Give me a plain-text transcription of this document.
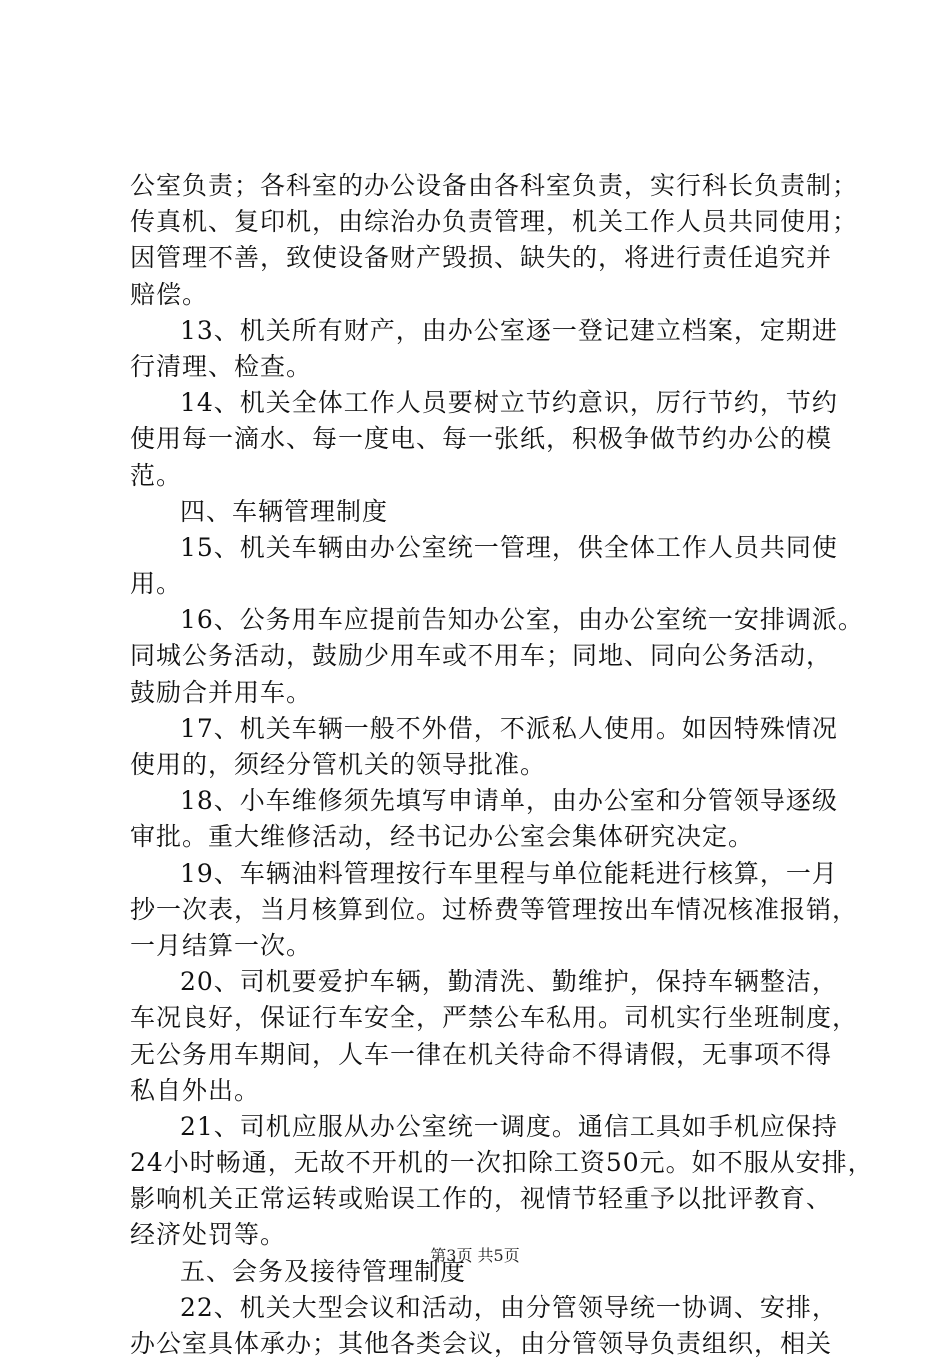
公室负责；各科室的办公设备由各科室负责，实行科长负责制；
传真机、复印机，由综治办负责管理，机关工作人员共同使用；
因管理不善，致使设备财产毁损、缺失的，将进行责任追究并
赔偿。
13、机关所有财产，由办公室逐一登记建立档案，定期进
行清理、检查。
14、机关全体工作人员要树立节约意识，厉行节约，节约
使用每一滴水、每一度电、每一张纸，积极争做节约办公的模
范。
四、车辆管理制度
15、机关车辆由办公室统一管理，供全体工作人员共同使
用。
16、公务用车应提前告知办公室，由办公室统一安排调派。
同城公务活动，鼓励少用车或不用车；同地、同向公务活动，
鼓励合并用车。
17、机关车辆一般不外借，不派私人使用。如因特殊情况
使用的，须经分管机关的领导批准。
18、小车维修须先填写申请单，由办公室和分管领导逐级
审批。重大维修活动，经书记办公室会集体研究决定。
19、车辆油料管理按行车里程与单位能耗进行核算，一月
抄一次表，当月核算到位。过桥费等管理按出车情况核准报销，
一月结算一次。
20、司机要爱护车辆，勤清洗、勤维护，保持车辆整洁，
车况良好，保证行车安全，严禁公车私用。司机实行坐班制度，
无公务用车期间，人车一律在机关待命不得请假，无事项不得
私自外出。
21、司机应服从办公室统一调度。通信工具如手机应保持
24小时畅通，无故不开机的一次扣除工资50元。如不服从安排，
影响机关正常运转或贻误工作的，视情节轻重予以批评教育、
经济处罚等。
五、会务及接待管理制度
22、机关大型会议和活动，由分管领导统一协调、安排，
办公室具体承办；其他各类会议，由分管领导负责组织，相关
第3页 共5页
